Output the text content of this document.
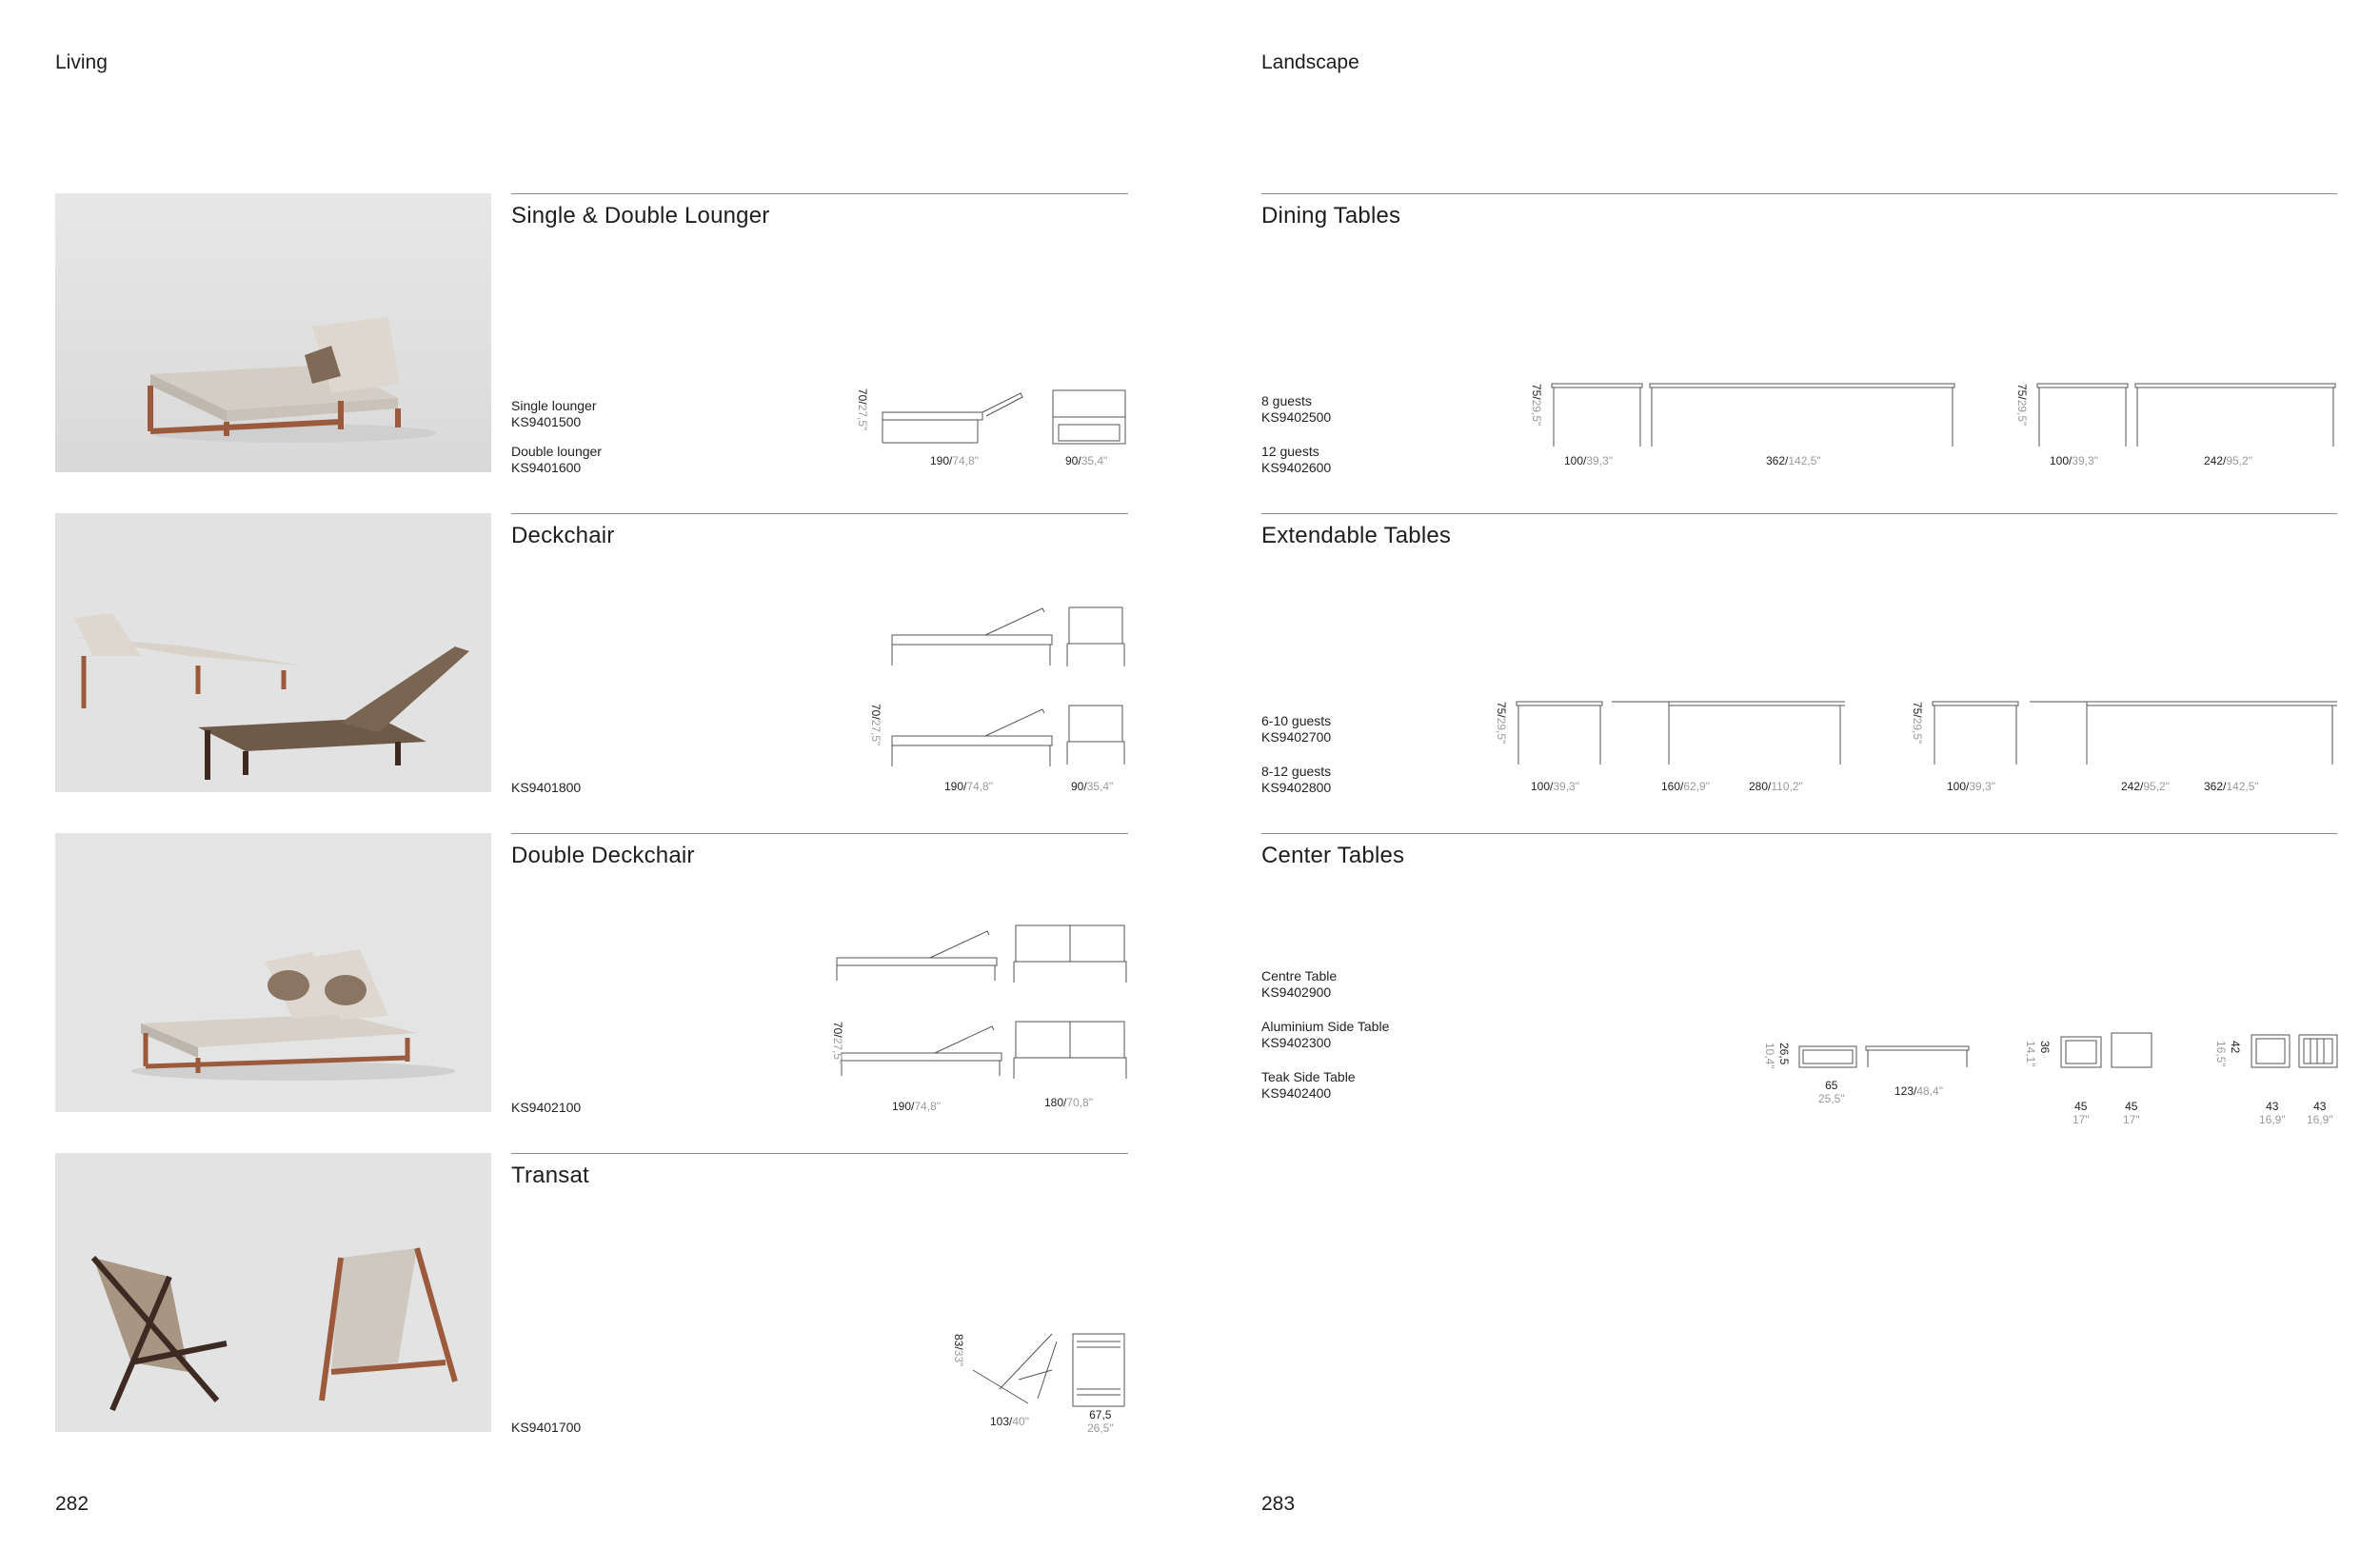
Living
282
Single & Double Lounger
Single lounger
KS9401500
Double lounger
KS9401600
70/27,5"
190/74,8"	90/35,4"
Deckchair
KS9401800
70/27,5"
190/74,8"	90/35,4"
Double Deckchair
KS9402100
70/27,5"
190/74,8"	180/70,8"
Transat
KS9401700
83/33"
103/40"	67,5
26,5"
Landscape
283
Dining Tables
8 guests
KS9402500
12 guests
KS9402600
75/29,5"
100/39,3"	362/142,5"
75/29,5"
100/39,3"	242/95,2"
Extendable Tables
6-10 guests
KS9402700
8-12 guests
KS9402800
75/29,5"
100/39,3"	160/62,9"	280/110,2"
75/29,5"
100/39,3"	242/95,2"	362/142,5"
Center Tables
Centre Table
KS9402900
Aluminium Side Table
KS9402300
Teak Side Table
KS9402400
26,5
10,4"
65
25,5"
123/48,4"
36
14,1"
45
17"
45
17"
42
16,5"
43
16,9"
43
16,9"
